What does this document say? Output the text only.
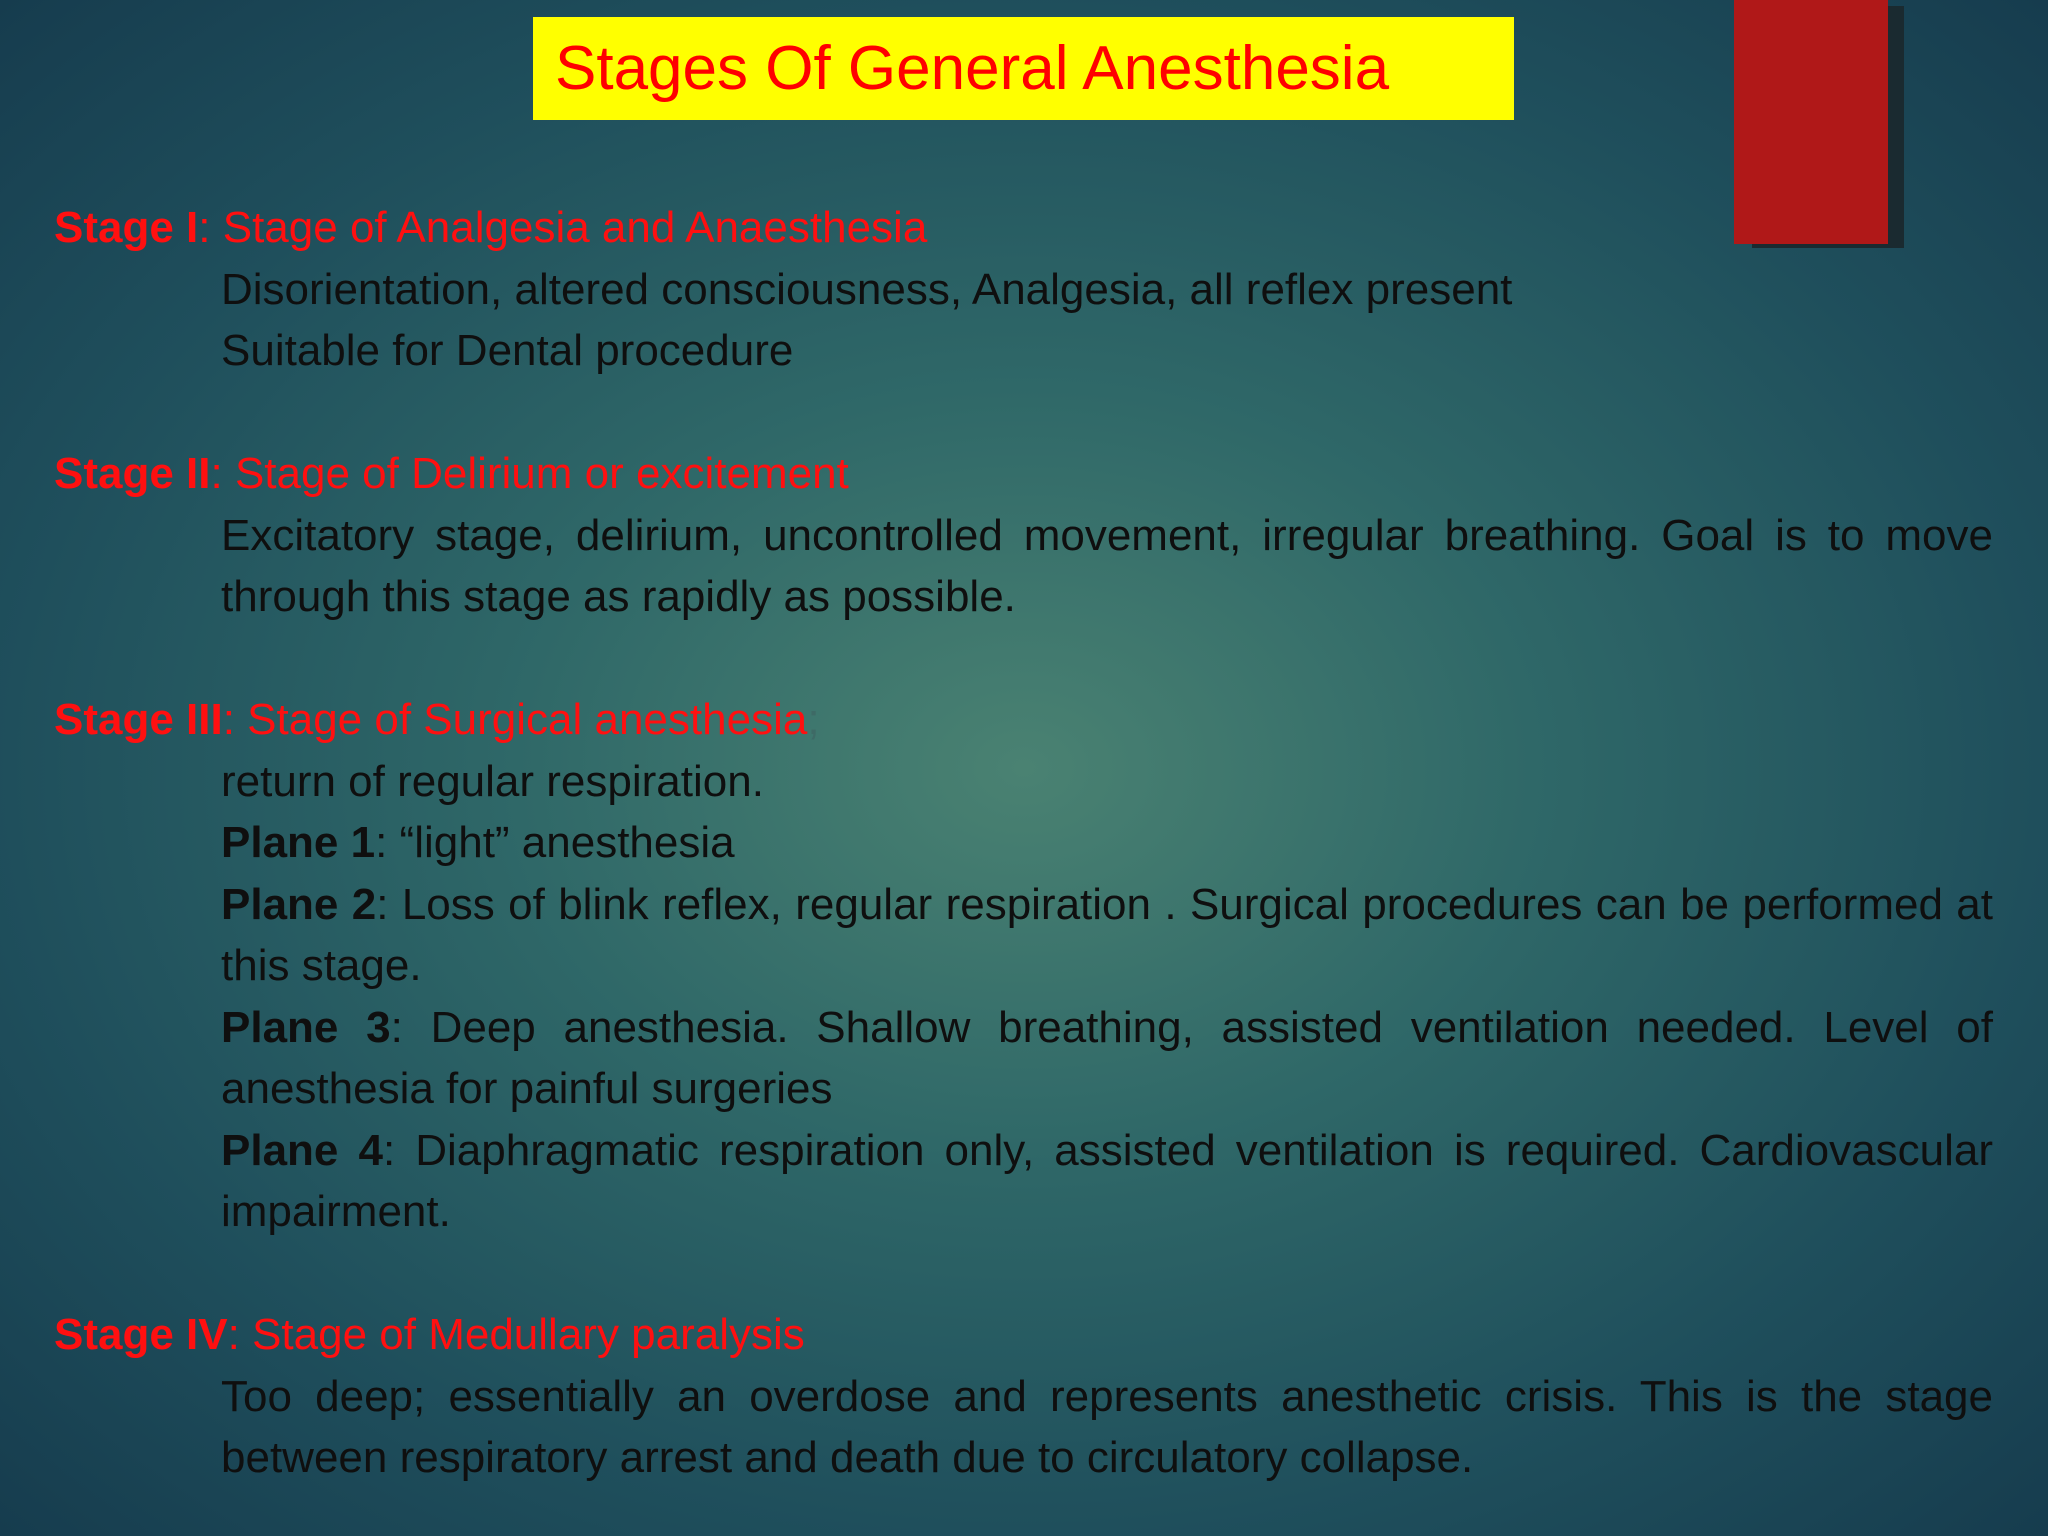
Stages Of General Anesthesia
Stage I: Stage of Analgesia and Anaesthesia
Disorientation, altered consciousness, Analgesia, all reflex present
Suitable for Dental procedure
Stage II: Stage of Delirium or excitement
Excitatory stage, delirium, uncontrolled movement, irregular breathing. Goal is to move through this stage as rapidly as possible.
Stage III: Stage of Surgical anesthesia;
return of regular respiration.
Plane 1: “light” anesthesia
Plane 2: Loss of blink reflex, regular respiration . Surgical procedures can be performed at this stage.
Plane 3: Deep anesthesia. Shallow breathing, assisted ventilation needed. Level of anesthesia for painful surgeries
Plane 4: Diaphragmatic respiration only, assisted ventilation is required. Cardiovascular impairment.
Stage IV: Stage of Medullary paralysis
Too deep; essentially an overdose and represents anesthetic crisis. This is the stage between respiratory arrest and death due to circulatory collapse.
